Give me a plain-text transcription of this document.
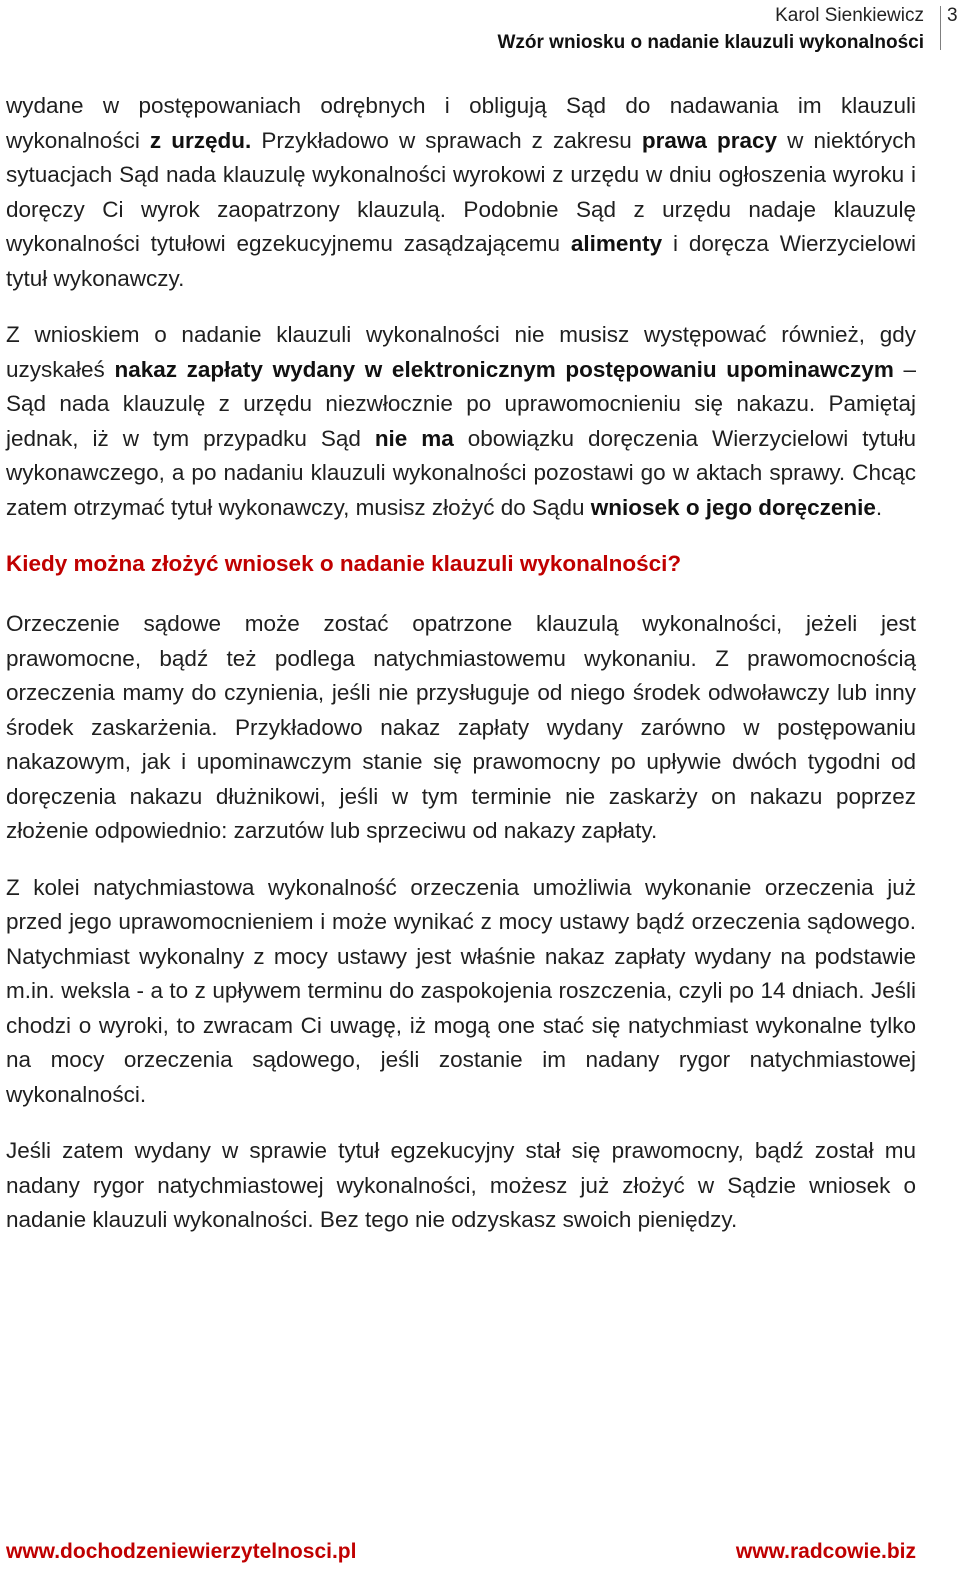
Karol Sienkiewicz
Wzór wniosku o nadanie klauzuli wykonalności
3

wydane w postępowaniach odrębnych i obligują Sąd do nadawania im klauzuli wykonalności z urzędu. Przykładowo w sprawach z zakresu prawa pracy w niektórych sytuacjach Sąd nada klauzulę wykonalności wyrokowi z urzędu w dniu ogłoszenia wyroku i doręczy Ci wyrok zaopatrzony klauzulą. Podobnie Sąd z urzędu nadaje klauzulę wykonalności tytułowi egzekucyjnemu zasądzającemu alimenty i doręcza Wierzycielowi tytuł wykonawczy.

Z wnioskiem o nadanie klauzuli wykonalności nie musisz występować również, gdy uzyskałeś nakaz zapłaty wydany w elektronicznym postępowaniu upominawczym – Sąd nada klauzulę z urzędu niezwłocznie po uprawomocnieniu się nakazu. Pamiętaj jednak, iż w tym przypadku Sąd nie ma obowiązku doręczenia Wierzycielowi tytułu wykonawczego, a po nadaniu klauzuli wykonalności pozostawi go w aktach sprawy. Chcąc zatem otrzymać tytuł wykonawczy, musisz złożyć do Sądu wniosek o jego doręczenie.

Kiedy można złożyć wniosek o nadanie klauzuli wykonalności?

Orzeczenie sądowe może zostać opatrzone klauzulą wykonalności, jeżeli jest prawomocne, bądź też podlega natychmiastowemu wykonaniu. Z prawomocnością orzeczenia mamy do czynienia, jeśli nie przysługuje od niego środek odwoławczy lub inny środek zaskarżenia. Przykładowo nakaz zapłaty wydany zarówno w postępowaniu nakazowym, jak i upominawczym stanie się prawomocny po upływie dwóch tygodni od doręczenia nakazu dłużnikowi, jeśli w tym terminie nie zaskarży on nakazu poprzez złożenie odpowiednio: zarzutów lub sprzeciwu od nakazy zapłaty.

Z kolei natychmiastowa wykonalność orzeczenia umożliwia wykonanie orzeczenia już przed jego uprawomocnieniem i może wynikać z mocy ustawy bądź orzeczenia sądowego. Natychmiast wykonalny z mocy ustawy jest właśnie nakaz zapłaty wydany na podstawie m.in. weksla - a to z upływem terminu do zaspokojenia roszczenia, czyli po 14 dniach. Jeśli chodzi o wyroki, to zwracam Ci uwagę, iż mogą one stać się natychmiast wykonalne tylko na mocy orzeczenia sądowego, jeśli zostanie im nadany rygor natychmiastowej wykonalności.

Jeśli zatem wydany w sprawie tytuł egzekucyjny stał się prawomocny, bądź został mu nadany rygor natychmiastowej wykonalności, możesz już złożyć w Sądzie wniosek o nadanie klauzuli wykonalności. Bez tego nie odzyskasz swoich pieniędzy.

www.dochodzeniewierzytelnosci.pl	www.radcowie.biz
